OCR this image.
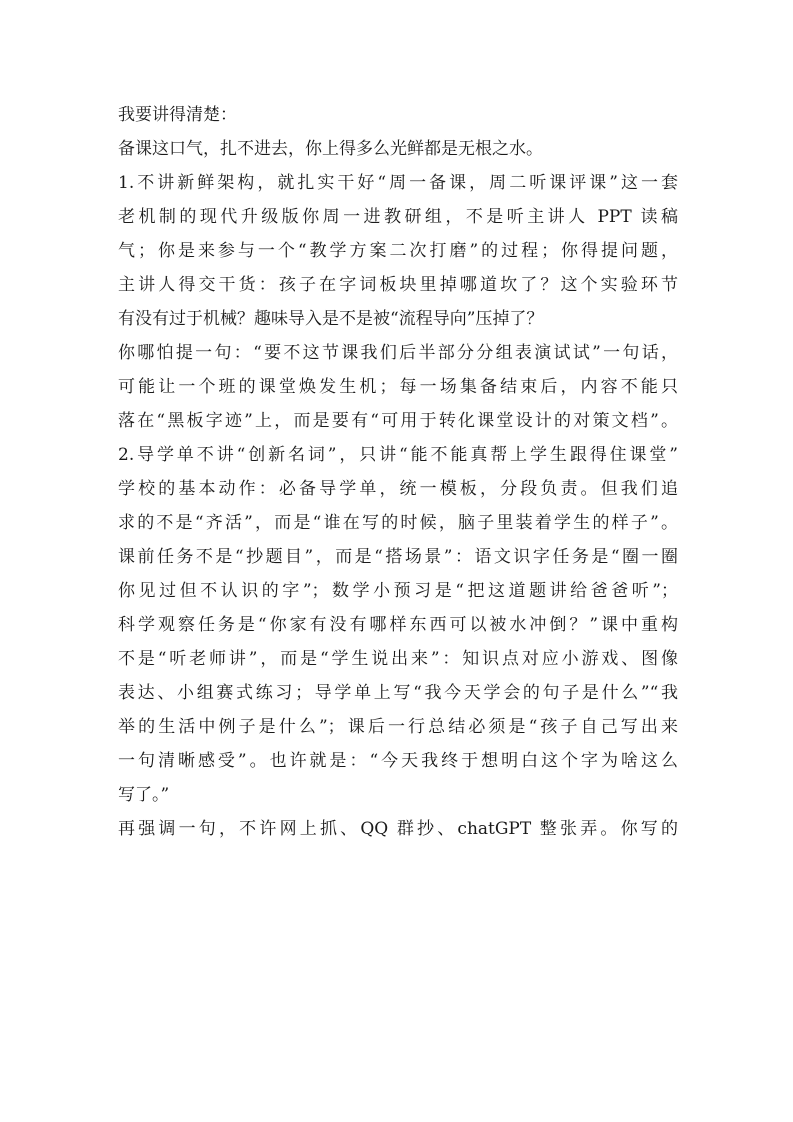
我要讲得清楚：
备课这口气，扎不进去，你上得多么光鲜都是无根之水。
1.不讲新鲜架构，就扎实干好“周一备课，周二听课评课”这一套
老机制的现代升级版你周一进教研组，不是听主讲人 PPT 读稿
气；你是来参与一个“教学方案二次打磨”的过程；你得提问题，
主讲人得交干货：孩子在字词板块里掉哪道坎了？这个实验环节
有没有过于机械？趣味导入是不是被“流程导向”压掉了？
你哪怕提一句：“要不这节课我们后半部分分组表演试试”一句话，
可能让一个班的课堂焕发生机；每一场集备结束后，内容不能只
落在“黑板字迹”上，而是要有“可用于转化课堂设计的对策文档”。
2.导学单不讲“创新名词”，只讲“能不能真帮上学生跟得住课堂”
学校的基本动作：必备导学单，统一模板，分段负责。但我们追
求的不是“齐活”，而是“谁在写的时候，脑子里装着学生的样子”。
课前任务不是“抄题目”，而是“搭场景”：语文识字任务是“圈一圈
你见过但不认识的字”；数学小预习是“把这道题讲给爸爸听”；
科学观察任务是“你家有没有哪样东西可以被水冲倒？”课中重构
不是“听老师讲”，而是“学生说出来”：知识点对应小游戏、图像
表达、小组赛式练习；导学单上写“我今天学会的句子是什么”“我
举的生活中例子是什么”；课后一行总结必须是“孩子自己写出来
一句清晰感受”。也许就是：“今天我终于想明白这个字为啥这么
写了。”
再强调一句，不许网上抓、QQ 群抄、chatGPT 整张弄。你写的
